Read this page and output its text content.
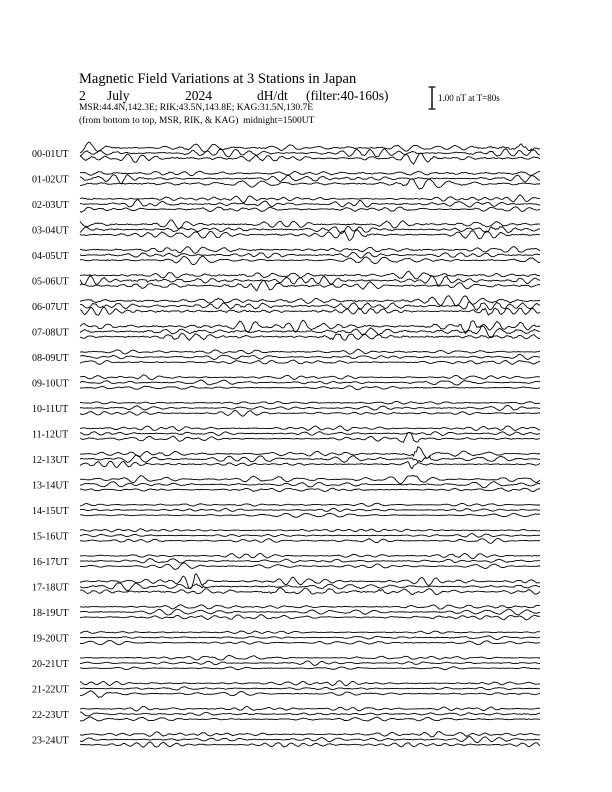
Magnetic Field Variations at 3 Stations in Japan
2 July	2024	dH/dt (filter:40-160s)
MSR:44.4N,142.3E; RIK:43.5N,143.8E; KAG:31.5N,130.7E
(from bottom to top, MSR, RIK, & KAG) midnight=1500UT
1.00 nT at T=80s
00-01UT
01-02UT
02-03UT
03-04UT
04-05UT
05-06UT
06-07UT
07-08UT
08-09UT
09-10UT
10-11UT
11-12UT
12-13UT
13-14UT
14-15UT
15-16UT
16-17UT
17-18UT
18-19UT
19-20UT
20-21UT
21-22UT
22-23UT
23-24UT
